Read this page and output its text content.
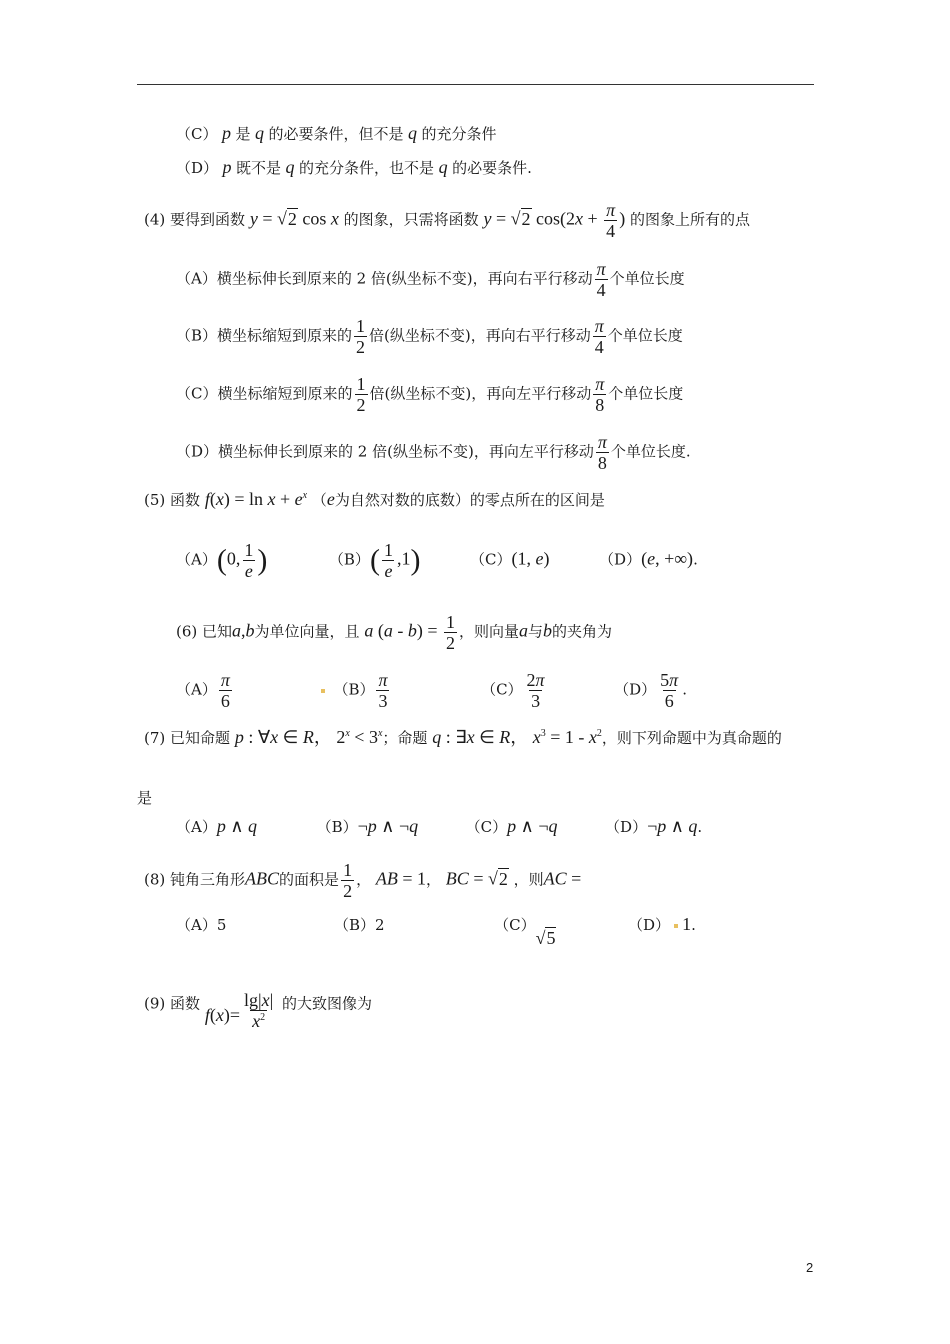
（C） p 是 q 的必要条件，但不是 q 的充分条件
（D） p 既不是 q 的充分条件，也不是 q 的必要条件.
(4) 要得到函数 y = √2 cos x 的图象，只需将函数 y = √2 $\cos(2x + \frac{\pi}{4}$ ) 的图象上所有的点
（A）横坐标伸长到原来的 2 倍(纵坐标不变)，再向右平行移动 $\frac{\pi}{4}$ 个单位长度
（B）横坐标缩短到原来的 $\frac{1}{2}$ 倍(纵坐标不变)，再向右平行移动 $\frac{\pi}{4}$ 个单位长度
（C）横坐标缩短到原来的 $\frac{1}{2}$ 倍(纵坐标不变)，再向左平行移动 $\frac{\pi}{8}$ 个单位长度
（D）横坐标伸长到原来的 2 倍(纵坐标不变)，再向左平行移动 $\frac{\pi}{8}$ 个单位长度.
(5) 函数 $f(x) = \ln x + e^x$ （e为自然对数的底数）的零点所在的区间是
（A）(0, $\frac{1}{e}$ )	$(B)( \frac{1}{e} ,1)$	（C）(1, e)	（D）(e, +∞).
(6) 已知a,b为单位向量，且 a $(a - b) = \frac{1}{2}$ ，则向量a与b的夹角为
$(A) \frac{\pi}{6}$	$(B) \frac{\pi}{3}$	$(C) \frac{2\pi}{3}$	$(D) \frac{5\pi}{6}$ .
(7) 已知命题 p : ∀x ∈ R， $2^x < 3^x$；命题 q : ∃x ∈ R， $x^3 = 1 - x^2$，则下列命题中为真命题的
是
（A）p ∧ q	（B）¬p ∧ ¬q	（C）p ∧ ¬q	（D）¬p ∧ q.
(8) 钝角三角形ABC的面积是 $\frac{1}{2}$ ， AB = 1， BC = √2 ，则AC =
（A）5	（B）2	（C）√5  （D） 1.
(9) 函数 $f(x)= \frac{\lg|x|}{x^2}$ 的大致图像为
2
